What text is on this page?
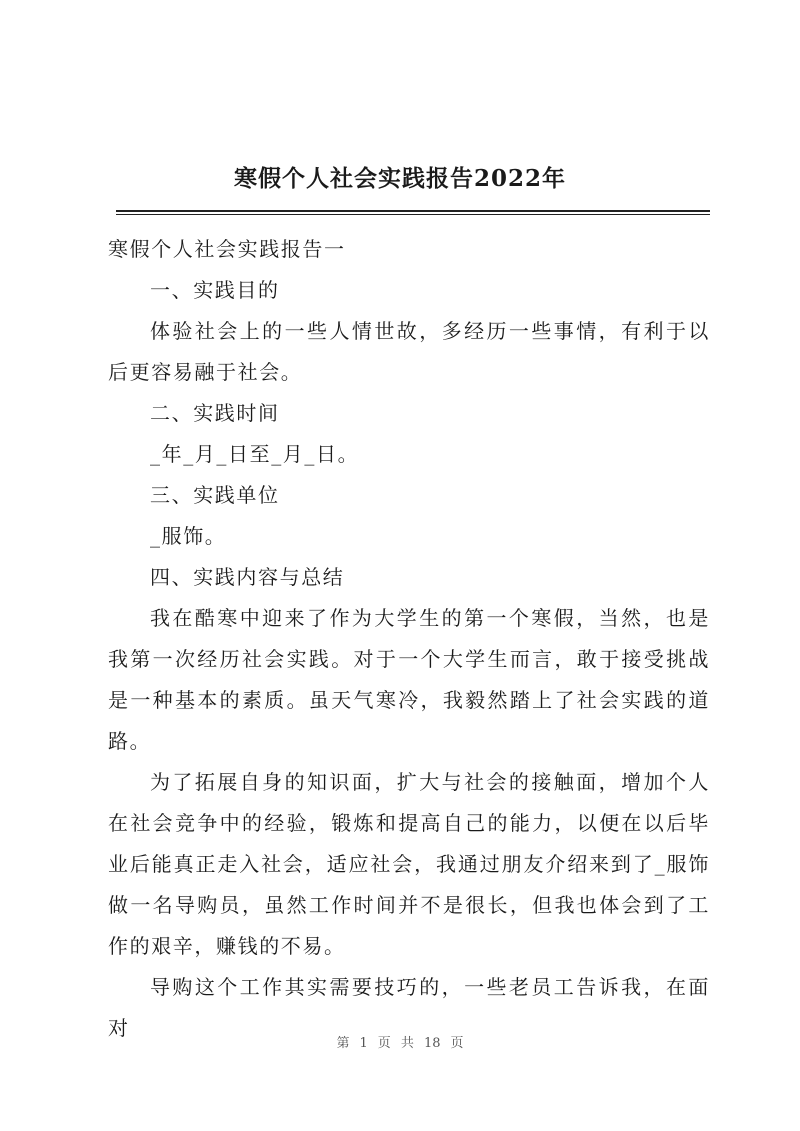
寒假个人社会实践报告2022年

寒假个人社会实践报告一

一、实践目的

体验社会上的一些人情世故，多经历一些事情，有利于以后更容易融于社会。

二、实践时间

_年_月_日至_月_日。

三、实践单位

_服饰。

四、实践内容与总结

我在酷寒中迎来了作为大学生的第一个寒假，当然，也是我第一次经历社会实践。对于一个大学生而言，敢于接受挑战是一种基本的素质。虽天气寒冷，我毅然踏上了社会实践的道路。

为了拓展自身的知识面，扩大与社会的接触面，增加个人在社会竞争中的经验，锻炼和提高自己的能力，以便在以后毕业后能真正走入社会，适应社会，我通过朋友介绍来到了_服饰做一名导购员，虽然工作时间并不是很长，但我也体会到了工作的艰辛，赚钱的不易。

导购这个工作其实需要技巧的，一些老员工告诉我，在面对

第 1 页 共 18 页
